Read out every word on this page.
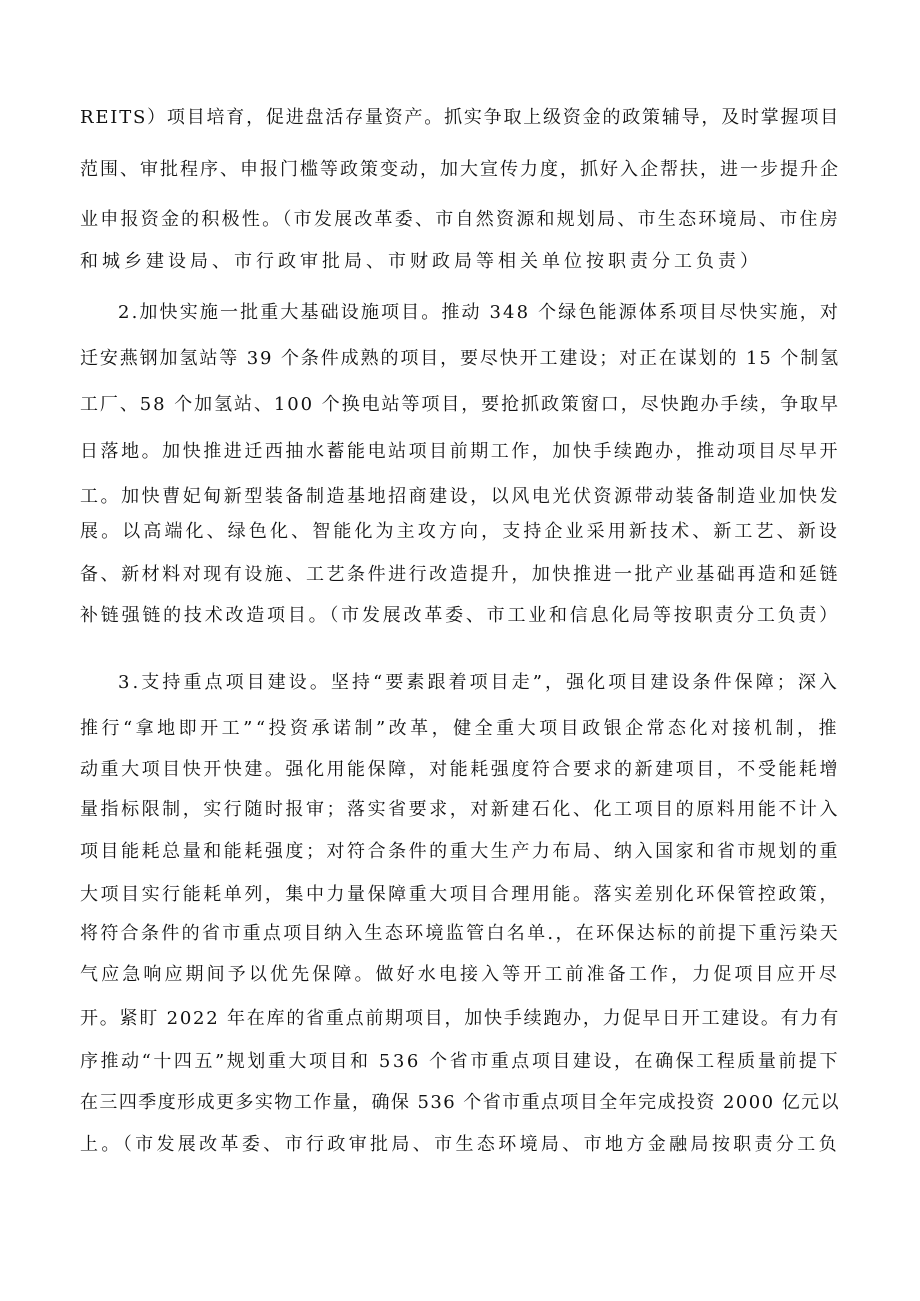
REITS）项目培育，促进盘活存量资产。抓实争取上级资金的政策辅导，及时掌握项目
范围、审批程序、申报门槛等政策变动，加大宣传力度，抓好入企帮扶，进一步提升企
业申报资金的积极性。（市发展改革委、市自然资源和规划局、市生态环境局、市住房
和城乡建设局、市行政审批局、市财政局等相关单位按职责分工负责）
2.加快实施一批重大基础设施项目。推动 348 个绿色能源体系项目尽快实施，对
迁安燕钢加氢站等 39 个条件成熟的项目，要尽快开工建设；对正在谋划的 15 个制氢
工厂、58 个加氢站、100 个换电站等项目，要抢抓政策窗口，尽快跑办手续，争取早
日落地。加快推进迁西抽水蓄能电站项目前期工作，加快手续跑办，推动项目尽早开
工。加快曹妃甸新型装备制造基地招商建设，以风电光伏资源带动装备制造业加快发
展。以高端化、绿色化、智能化为主攻方向，支持企业采用新技术、新工艺、新设
备、新材料对现有设施、工艺条件进行改造提升，加快推进一批产业基础再造和延链
补链强链的技术改造项目。（市发展改革委、市工业和信息化局等按职责分工负责）
3.支持重点项目建设。坚持“要素跟着项目走”，强化项目建设条件保障；深入
推行“拿地即开工”“投资承诺制”改革，健全重大项目政银企常态化对接机制，推
动重大项目快开快建。强化用能保障，对能耗强度符合要求的新建项目，不受能耗增
量指标限制，实行随时报审；落实省要求，对新建石化、化工项目的原料用能不计入
项目能耗总量和能耗强度；对符合条件的重大生产力布局、纳入国家和省市规划的重
大项目实行能耗单列，集中力量保障重大项目合理用能。落实差别化环保管控政策，
将符合条件的省市重点项目纳入生态环境监管白名单.，在环保达标的前提下重污染天
气应急响应期间予以优先保障。做好水电接入等开工前准备工作，力促项目应开尽
开。紧盯 2022 年在库的省重点前期项目，加快手续跑办，力促早日开工建设。有力有
序推动“十四五”规划重大项目和 536 个省市重点项目建设，在确保工程质量前提下
在三四季度形成更多实物工作量，确保 536 个省市重点项目全年完成投资 2000 亿元以
上。（市发展改革委、市行政审批局、市生态环境局、市地方金融局按职责分工负
